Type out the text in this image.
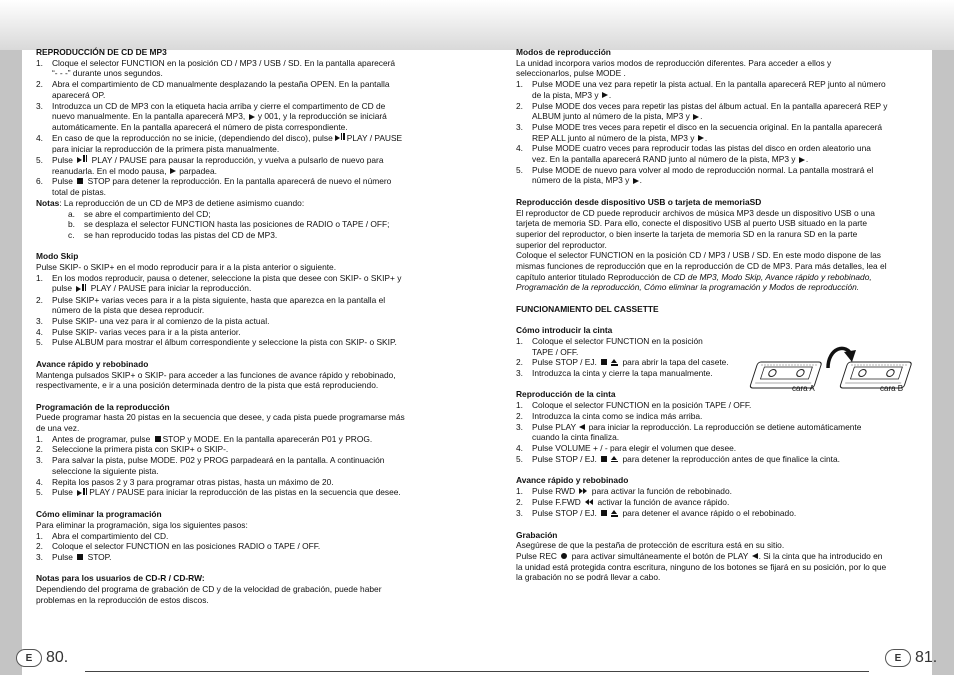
REPRODUCCIÓN DE CD DE MP3

1. Cloque el selector FUNCTION en la posición CD / MP3 / USB / SD. En la pantalla aparecerá
“- - -” durante unos segundos.
2. Abra el compartimiento de CD manualmente desplazando la pestaña OPEN. En la pantalla
aparecerá OP.
3. Introduzca un CD de MP3 con la etiqueta hacia arriba y cierre el compartimento de CD de
nuevo manualmente. En la pantalla aparecerá MP3, y 001, y la reproducción se iniciará
automáticamente. En la pantalla aparecerá el número de pista correspondiente.
4. En caso de que la reproducción no se inicie, (dependiendo del disco), pulse PLAY / PAUSE
para iniciar la reproducción de la primera pista manualmente.
5. Pulse PLAY / PAUSE para pausar la reproducción, y vuelva a pulsarlo de nuevo para
reanudarla. En el modo pausa, parpadea.
6. Pulse STOP para detener la reproducción. En la pantalla aparecerá de nuevo el número
total de pistas.

Notas: La reproducción de un CD de MP3 de detiene asimismo cuando:

a. se abre el compartimiento del CD;
b. se desplaza el selector FUNCTION hasta las posiciones de RADIO o TAPE / OFF;
c. se han reproducido todas las pistas del CD de MP3.

Modo Skip

Pulse SKIP- o SKIP+ en el modo reproducir para ir a la pista anterior o siguiente.

1. En los modos reproducir, pausa o detener, seleccione la pista que desee con SKIP- o SKIP+ y
pulse PLAY / PAUSE para iniciar la reproducción.
2. Pulse SKIP+ varias veces para ir a la pista siguiente, hasta que aparezca en la pantalla el
número de la pista que desea reproducir.
3. Pulse SKIP- una vez para ir al comienzo de la pista actual.
4. Pulse SKIP- varias veces para ir a la pista anterior.
5. Pulse ALBUM para mostrar el álbum correspondiente y seleccione la pista con SKIP- o SKIP.

Avance rápido y rebobinado

Mantenga pulsados SKIP+ o SKIP- para acceder a las funciones de avance rápido y rebobinado,
respectivamente, e ir a una posición determinada dentro de la pista que está reproduciendo.

Programación de la reproducción

Puede programar hasta 20 pistas en la secuencia que desee, y cada pista puede programarse más
de una vez.

1. Antes de programar, pulse STOP y MODE. En la pantalla aparecerán P01 y PROG.
2. Seleccione la primera pista con SKIP+ o SKIP-.
3. Para salvar la pista, pulse MODE. P02 y PROG parpadeará en la pantalla. A continuación
seleccione la siguiente pista.
4. Repita los pasos 2 y 3 para programar otras pistas, hasta un máximo de 20.
5. Pulse PLAY / PAUSE para iniciar la reproducción de las pistas en la secuencia que desee.

Cómo eliminar la programación

Para eliminar la programación, siga los siguientes pasos:

1. Abra el compartimiento del CD.
2. Coloque el selector FUNCTION en las posiciones RADIO o TAPE / OFF.
3. Pulse STOP.

Notas para los usuarios de CD-R / CD-RW:

Dependiendo del programa de grabación de CD y de la velocidad de grabación, puede haber
problemas en la reproducción de estos discos.

Modos de reproducción

La unidad incorpora varios modos de reproducción diferentes. Para acceder a ellos y
seleccionarlos, pulse MODE .

1. Pulse MODE una vez para repetir la pista actual. En la pantalla aparecerá REP junto al número
de la pista, MP3 y .
2. Pulse MODE dos veces para repetir las pistas del álbum actual. En la pantalla aparecerá REP y
ALBUM junto al número de la pista, MP3 y .
3. Pulse MODE tres veces para repetir el disco en la secuencia original. En la pantalla aparecerá
REP ALL junto al número de la pista, MP3 y .
4. Pulse MODE cuatro veces para reproducir todas las pistas del disco en orden aleatorio una
vez. En la pantalla aparecerá RAND junto al número de la pista, MP3 y .
5. Pulse MODE de nuevo para volver al modo de reproducción normal. La pantalla mostrará el
número de la pista, MP3 y .

Reproducción desde dispositivo USB o tarjeta de memoriaSD

El reproductor de CD puede reproducir archivos de música MP3 desde un dispositivo USB o una
tarjeta de memoria SD. Para ello, conecte el dispositivo USB al puerto USB situado en la parte
superior del reproductor, o bien inserte la tarjeta de memoria SD en la ranura SD en la parte
superior del reproductor.
Coloque el selector FUNCTION en la posición CD / MP3 / USB / SD. En este modo dispone de las
mismas funciones de reproducción que en la reproducción de CD de MP3. Para más detalles, lea el
capítulo anterior titulado Reproducción de CD de MP3, Modo Skip, Avance rápido y rebobinado,
Programación de la reproducción, Cómo eliminar la programación y Modos de reproducción.

FUNCIONAMIENTO DEL CASSETTE

Cómo introducir la cinta

1. Coloque el selector FUNCTION en la posición
TAPE / OFF.
2. Pulse STOP / EJ.	para abrir la tapa del casete.
3. Introduzca la cinta y cierre la tapa manualmente.

Reproducción de la cinta

1. Coloque el selector FUNCTION en la posición TAPE / OFF.
2. Introduzca la cinta como se indica más arriba.
3. Pulse PLAY para iniciar la reproducción. La reproducción se detiene automáticamente
cuando la cinta finaliza.
4. Pulse VOLUME + / - para elegir el volumen que desee.
5. Pulse STOP / EJ.	para detener la reproducción antes de que finalice la cinta.

Avance rápido y rebobinado

1. Pulse RWD para activar la función de rebobinado.
2. Pulse F.FWD activar la función de avance rápido.
3. Pulse STOP / EJ.	para detener el avance rápido o el rebobinado.

Grabación

Asegúrese de que la pestaña de protección de escritura está en su sitio.
Pulse REC para activar simultáneamente el botón de PLAY . Si la cinta que ha introducido en
la unidad está protegida contra escritura, ninguno de los botones se fijará en su posición, por lo que
la grabación no se podrá llevar a cabo.

cara A	cara B
E 80.	E 81.
